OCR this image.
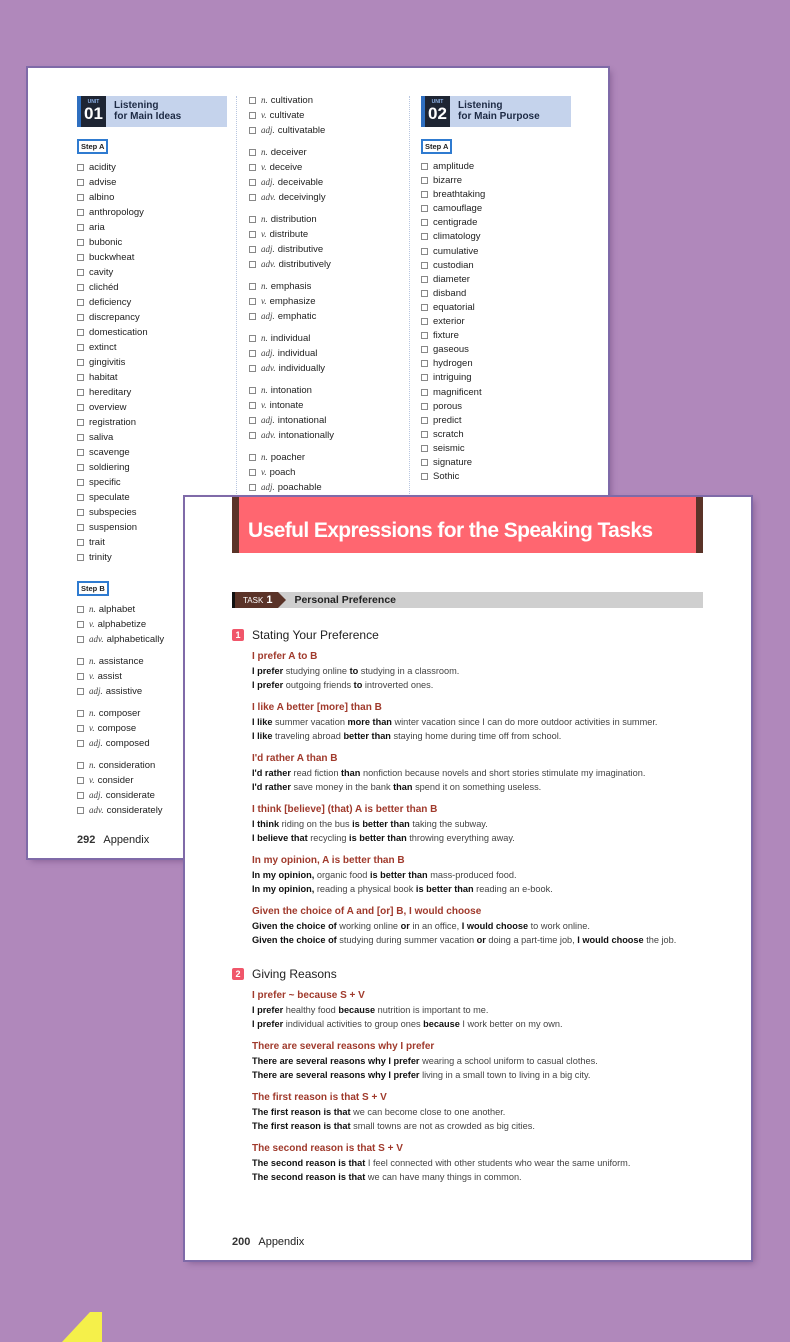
UNIT
01	Listening
for Main Ideas
Step A
acidity
advise
albino
anthropology
aria
bubonic
buckwheat
cavity
clichéd
deficiency
discrepancy
domestication
extinct
gingivitis
habitat
hereditary
overview
registration
saliva
scavenge
soldiering
specific
speculate
subspecies
suspension
trait
trinity
Step B
n. alphabet
v. alphabetize
adv. alphabetically
n. assistance
v. assist
adj. assistive
n. composer
v. compose
adj. composed
n. consideration
v. consider
adj. considerate
adv. considerately
n. cultivation
v. cultivate
adj. cultivatable
n. deceiver
v. deceive
adj. deceivable
adv. deceivingly
n. distribution
v. distribute
adj. distributive
adv. distributively
n. emphasis
v. emphasize
adj. emphatic
n. individual
adj. individual
adv. individually
n. intonation
v. intonate
adj. intonational
adv. intonationally
n. poacher
v. poach
adj. poachable
UNIT
02	Listening
for Main Purpose
Step A
amplitude
bizarre
breathtaking
camouflage
centigrade
climatology
cumulative
custodian
diameter
disband
equatorial
exterior
fixture
gaseous
hydrogen
intriguing
magnificent
porous
predict
scratch
seismic
signature
Sothic
292 Appendix
Useful Expressions for the Speaking Tasks
TASK 1	Personal Preference
1 Stating Your Preference
I prefer A to B

I prefer studying online to studying in a classroom.

I prefer outgoing friends to introverted ones.

I like A better [more] than B

I like summer vacation more than winter vacation since I can do more outdoor activities in summer.

I like traveling abroad better than staying home during time off from school.

I'd rather A than B

I'd rather read fiction than nonfiction because novels and short stories stimulate my imagination.

I'd rather save money in the bank than spend it on something useless.

I think [believe] (that) A is better than B

I think riding on the bus is better than taking the subway.

I believe that recycling is better than throwing everything away.

In my opinion, A is better than B

In my opinion, organic food is better than mass-produced food.

In my opinion, reading a physical book is better than reading an e-book.

Given the choice of A and [or] B, I would choose

Given the choice of working online or in an office, I would choose to work online.

Given the choice of studying during summer vacation or doing a part-time job, I would choose the job.

2 Giving Reasons
I prefer ~ because S + V

I prefer healthy food because nutrition is important to me.

I prefer individual activities to group ones because I work better on my own.

There are several reasons why I prefer

There are several reasons why I prefer wearing a school uniform to casual clothes.

There are several reasons why I prefer living in a small town to living in a big city.

The first reason is that S + V

The first reason is that we can become close to one another.

The first reason is that small towns are not as crowded as big cities.

The second reason is that S + V

The second reason is that I feel connected with other students who wear the same uniform.

The second reason is that we can have many things in common.

200 Appendix
